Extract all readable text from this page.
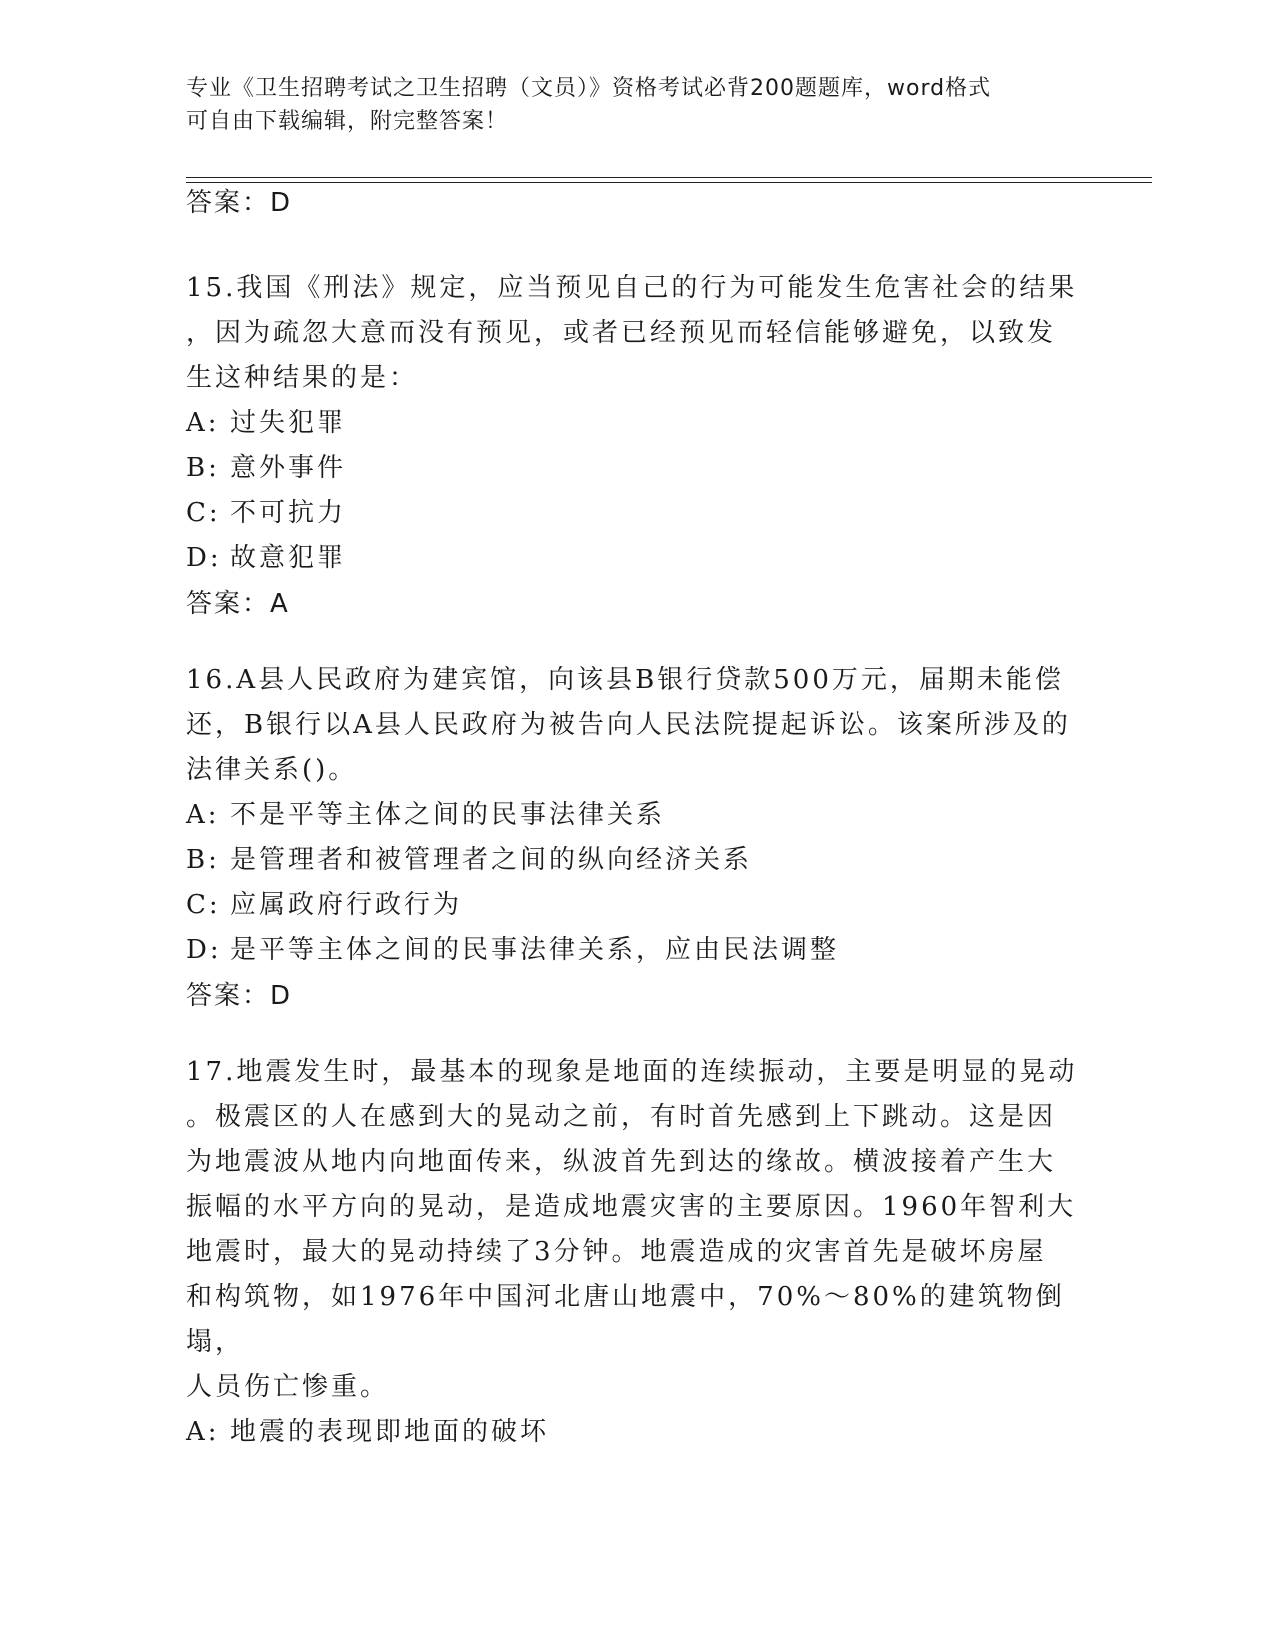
专业《卫生招聘考试之卫生招聘（文员）》资格考试必背200题题库，word格式
可自由下载编辑，附完整答案！
答案：D
15.我国《刑法》规定，应当预见自己的行为可能发生危害社会的结果
，因为疏忽大意而没有预见，或者已经预见而轻信能够避免，以致发
生这种结果的是：
A: 过失犯罪
B: 意外事件
C: 不可抗力
D: 故意犯罪
答案：A
16.A县人民政府为建宾馆，向该县B银行贷款500万元，届期未能偿
还，B银行以A县人民政府为被告向人民法院提起诉讼。该案所涉及的
法律关系()。
A: 不是平等主体之间的民事法律关系
B: 是管理者和被管理者之间的纵向经济关系
C: 应属政府行政行为
D: 是平等主体之间的民事法律关系，应由民法调整
答案：D
17.地震发生时，最基本的现象是地面的连续振动，主要是明显的晃动
。极震区的人在感到大的晃动之前，有时首先感到上下跳动。这是因
为地震波从地内向地面传来，纵波首先到达的缘故。横波接着产生大
振幅的水平方向的晃动，是造成地震灾害的主要原因。1960年智利大
地震时，最大的晃动持续了3分钟。地震造成的灾害首先是破坏房屋
和构筑物，如1976年中国河北唐山地震中，70%～80%的建筑物倒塌，
人员伤亡惨重。
A: 地震的表现即地面的破坏
